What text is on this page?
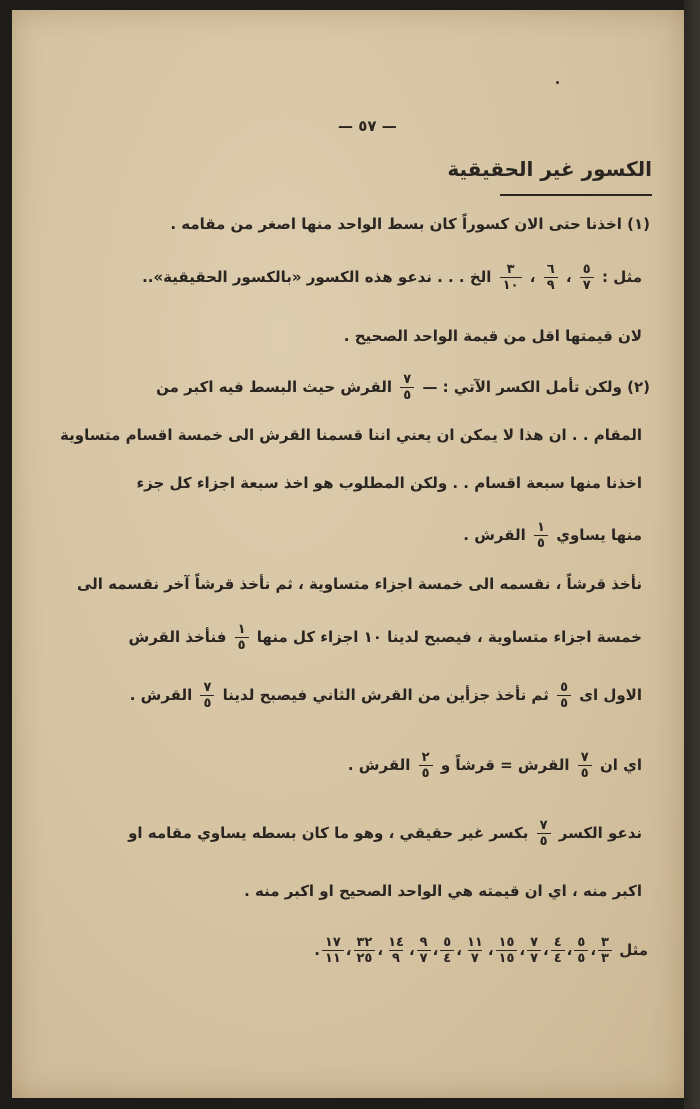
— ٥٧ —
الكسور غير الحقيقية
(١) اخذنا حتى الان كسوراً كان بسط الواحد منها اصغر من مقامه .
مثل :
$\frac{٥}{٧}$
،
$\frac{٦}{٩}$
،
$\frac{٣}{١٠}$
الخ . . . ندعو هذه الكسور «بالكسور الحقيقية»..
لان قيمتها اقل من قيمة الواحد الصحيح .
(٢) ولكن تأمل الكسر الآتي : —
$\frac{٧}{٥}$
القرش حيث البسط فيه اكبر من
المقام . . ان هذا لا يمكن ان يعني اننا قسمنا القرش الى خمسة اقسام متساوية
اخذنا منها سبعة اقسام . . ولكن المطلوب هو اخذ سبعة اجزاء كل جزء
منها يساوي
$\frac{١}{٥}$
القرش .
نأخذ قرشاً ، نقسمه الى خمسة اجزاء متساوية ، ثم نأخذ قرشاً آخر نقسمه الى
خمسة اجزاء متساوية ، فيصبح لدينا ١٠ اجزاء كل منها
$\frac{١}{٥}$
فنأخذ القرش
الاول اى
$\frac{٥}{٥}$
ثم نأخذ جزأين من القرش الثاني فيصبح لدينا
$\frac{٧}{٥}$
القرش .
اي ان
$\frac{٧}{٥}$
القرش = قرشاً و
$\frac{٢}{٥}$
القرش .
ندعو الكسر
$\frac{٧}{٥}$
بكسر غير حقيقي ، وهو ما كان بسطه يساوي مقامه او
اكبر منه ، اي ان قيمته هي الواحد الصحيح او اكبر منه .
مثل
$\frac{٣}{٣}$
،
$\frac{٥}{٥}$
،
$\frac{٤}{٤}$
،
$\frac{٧}{٧}$
،
$\frac{١٥}{١٥}$
،
$\frac{١١}{٧}$
،
$\frac{٥}{٤}$
،
$\frac{٩}{٧}$
،
$\frac{١٤}{٩}$
،
$\frac{٣٢}{٢٥}$
،
$\frac{١٧}{١١}$
.
